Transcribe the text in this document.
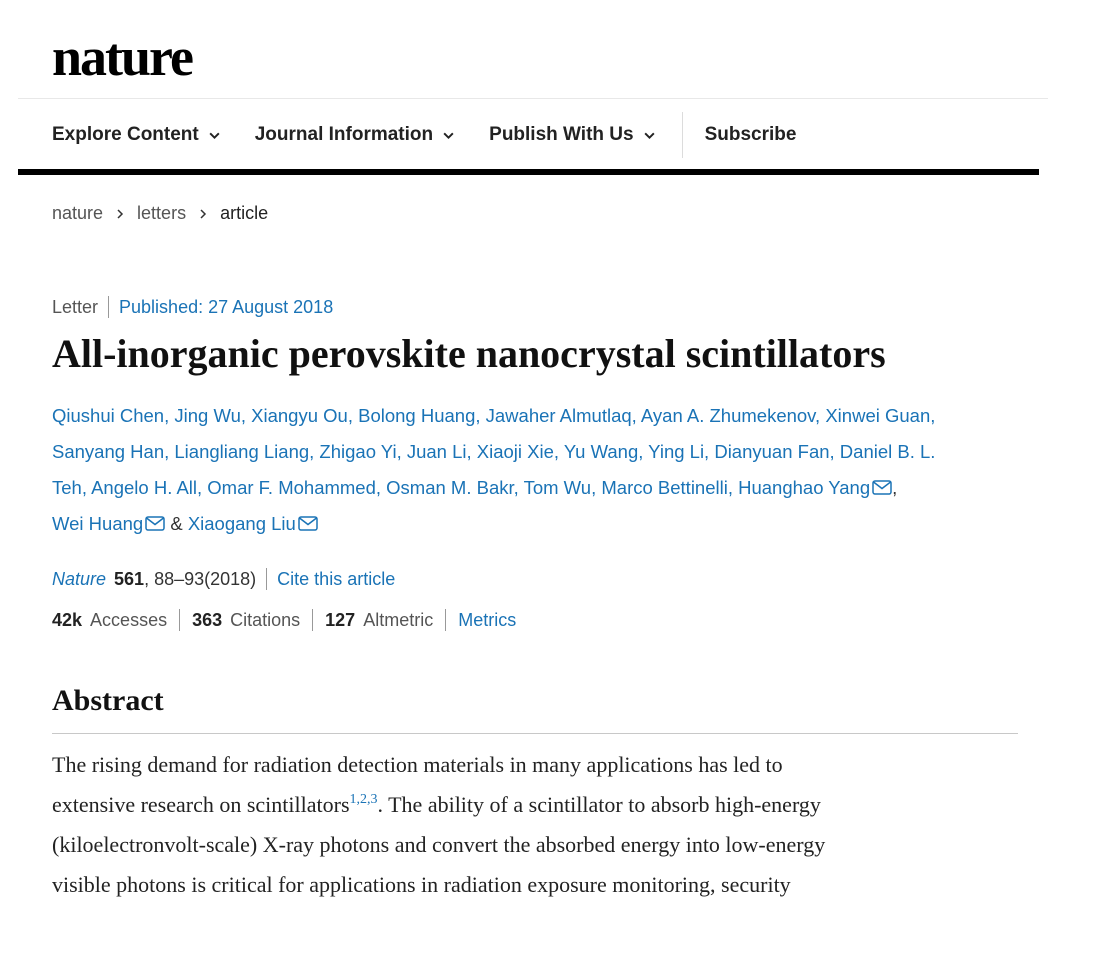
nature
Explore Content	Journal Information	Publish With Us	Subscribe
nature letters article
Letter Published: 27 August 2018
All-inorganic perovskite nanocrystal scintillators
Qiushui Chen, Jing Wu, Xiangyu Ou, Bolong Huang, Jawaher Almutlaq, Ayan A. Zhumekenov, Xinwei Guan,
Sanyang Han, Liangliang Liang, Zhigao Yi, Juan Li, Xiaoji Xie, Yu Wang, Ying Li, Dianyuan Fan, Daniel B. L.
Teh, Angelo H. All, Omar F. Mohammed, Osman M. Bakr, Tom Wu, Marco Bettinelli, Huanghao Yang ,
Wei Huang & Xiaogang Liu
Nature 561 , 88–93(2018) Cite this article
42k Accesses 363 Citations 127 Altmetric Metrics
Abstract
The rising demand for radiation detection materials in many applications has led to
extensive research on scintillators$^{1,2,3}$. The ability of a scintillator to absorb high-energy
(kiloelectronvolt-scale) X-ray photons and convert the absorbed energy into low-energy
visible photons is critical for applications in radiation exposure monitoring, security
